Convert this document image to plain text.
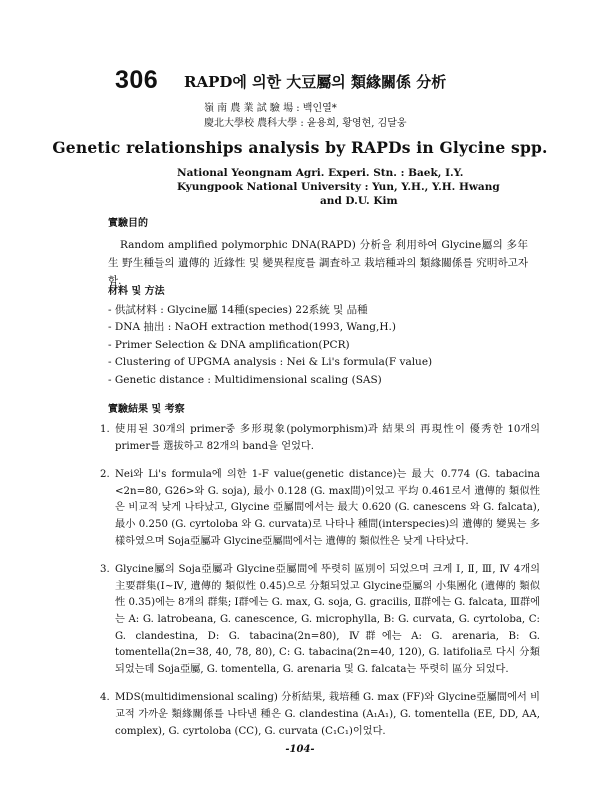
306 RAPD에 의한 大豆屬의 類緣關係 分析
嶺 南 農 業 試 驗 場 : 백인열*
慶北大學校 農科大學 : 윤용희, 황영현, 김달웅
Genetic relationships analysis by RAPDs in Glycine spp.
National Yeongnam Agri. Experi. Stn. : Baek, I.Y.
Kyungpook National University : Yun, Y.H., Y.H. Hwang
and D.U. Kim
實驗目的
Random amplified polymorphic DNA(RAPD) 分析을 利用하여 Glycine屬의 多年生 野生種들의 遺傳的 近緣性 및 變異程度를 調査하고 栽培種과의 類緣關係를 究明하고자함.
材料 및 方法
- 供試材料 : Glycine屬 14種(species) 22系統 및 品種
- DNA 抽出 : NaOH extraction method(1993, Wang,H.)
- Primer Selection & DNA amplification(PCR)
- Clustering of UPGMA analysis : Nei & Li's formula(F value)
- Genetic distance : Multidimensional scaling (SAS)
實驗結果 및 考察
1. 使用된 30개의 primer중 多形現象(polymorphism)과 結果의 再現性이 優秀한 10개의 primer를 選拔하고 82개의 band을 얻었다.
2. Nei와 Li's formula에 의한 1-F value(genetic distance)는 最大 0.774 (G. tabacina <2n=80, G26>와 G. soja), 最小 0.128 (G. max間)이었고 平均 0.461로서 遺傳的 類似性은 비교적 낮게 나타났고, Glycine 亞屬間에서는 最大 0.620 (G. canescens 와 G. falcata), 最小 0.250 (G. cyrtoloba 와 G. curvata)로 나타나 種間(interspecies)의 遺傳的 變異는 多樣하였으며 Soja亞屬과 Glycine亞屬間에서는 遺傳的 類似性은 낮게 나타났다.
3. Glycine屬의 Soja亞屬과 Glycine亞屬間에 뚜렷히 區別이 되었으며 크게 Ⅰ, Ⅱ, Ⅲ, Ⅳ 4개의 主要群集(Ⅰ~Ⅳ, 遺傳的 類似性 0.45)으로 分類되었고 Glycine亞屬의 小集團化 (遺傳的 類似性 0.35)에는 8개의 群集; Ⅰ群에는 G. max, G. soja, G. gracilis, Ⅱ群에는 G. falcata, Ⅲ群에는 A: G. latrobeana, G. canescence, G. microphylla, B: G. curvata, G. cyrtoloba, C: G. clandestina, D: G. tabacina(2n=80), Ⅳ群에는 A: G. arenaria, B: G. tomentella(2n=38, 40, 78, 80), C: G. tabacina(2n=40, 120), G. latifolia로 다시 分類되었는데 Soja亞屬, G. tomentella, G. arenaria 및 G. falcata는 뚜렷히 區分 되었다.
4. MDS(multidimensional scaling) 分析結果, 栽培種 G. max (FF)와 Glycine亞屬間에서 비교적 가까운 類緣關係를 나타낸 種은 G. clandestina (A₁A₁), G. tomentella (EE, DD, AA, complex), G. cyrtoloba (CC), G. curvata (C₁C₁)이었다.
-104-
